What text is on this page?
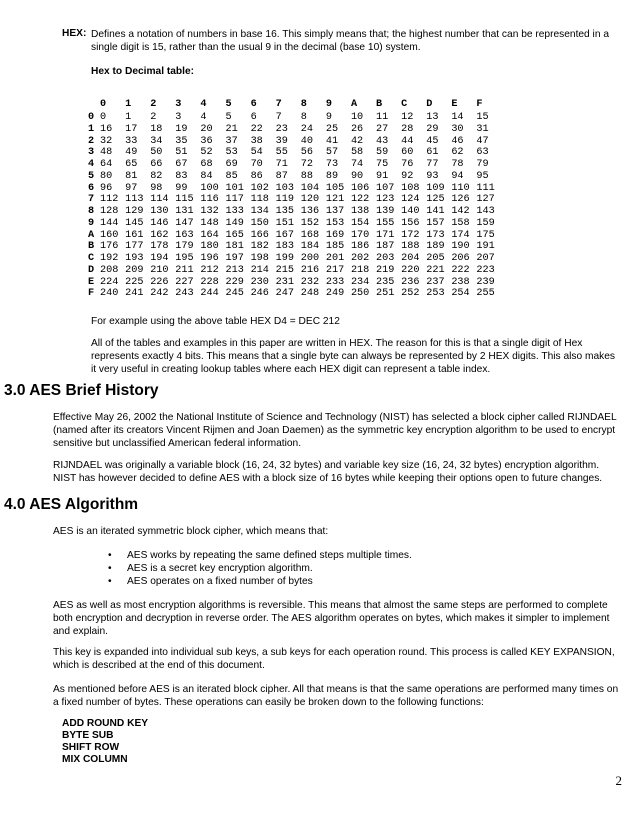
HEX: Defines a notation of numbers in base 16. This simply means that; the highest number that can be represented in a single digit is 15, rather than the usual 9 in the decimal (base 10) system.
Hex to Decimal table:
	0	1	2	3	4	5	6	7	8	9	A	B	C	D	E	F
0	0	1	2	3	4	5	6	7	8	9	10	11	12	13	14	15
1	16	17	18	19	20	21	22	23	24	25	26	27	28	29	30	31
2	32	33	34	35	36	37	38	39	40	41	42	43	44	45	46	47
3	48	49	50	51	52	53	54	55	56	57	58	59	60	61	62	63
4	64	65	66	67	68	69	70	71	72	73	74	75	76	77	78	79
5	80	81	82	83	84	85	86	87	88	89	90	91	92	93	94	95
6	96	97	98	99	100	101	102	103	104	105	106	107	108	109	110	111
7	112	113	114	115	116	117	118	119	120	121	122	123	124	125	126	127
8	128	129	130	131	132	133	134	135	136	137	138	139	140	141	142	143
9	144	145	146	147	148	149	150	151	152	153	154	155	156	157	158	159
A	160	161	162	163	164	165	166	167	168	169	170	171	172	173	174	175
B	176	177	178	179	180	181	182	183	184	185	186	187	188	189	190	191
C	192	193	194	195	196	197	198	199	200	201	202	203	204	205	206	207
D	208	209	210	211	212	213	214	215	216	217	218	219	220	221	222	223
E	224	225	226	227	228	229	230	231	232	233	234	235	236	237	238	239
F	240	241	242	243	244	245	246	247	248	249	250	251	252	253	254	255
For example using the above table HEX D4 = DEC 212
All of the tables and examples in this paper are written in HEX. The reason for this is that a single digit of Hex represents exactly 4 bits. This means that a single byte can always be represented by 2 HEX digits. This also makes it very useful in creating lookup tables where each HEX digit can represent a table index.
3.0 AES Brief History
Effective May 26, 2002 the National Institute of Science and Technology (NIST) has selected a block cipher called RIJNDAEL (named after its creators Vincent Rijmen and Joan Daemen) as the symmetric key encryption algorithm to be used to encrypt sensitive but unclassified American federal information.
RIJNDAEL was originally a variable block (16, 24, 32 bytes) and variable key size (16, 24, 32 bytes) encryption algorithm. NIST has however decided to define AES with a block size of 16 bytes while keeping their options open to future changes.
4.0 AES Algorithm
AES is an iterated symmetric block cipher, which means that:
• AES works by repeating the same defined steps multiple times.
• AES is a secret key encryption algorithm.
• AES operates on a fixed number of bytes
AES as well as most encryption algorithms is reversible. This means that almost the same steps are performed to complete both encryption and decryption in reverse order. The AES algorithm operates on bytes, which makes it simpler to implement and explain.
This key is expanded into individual sub keys, a sub keys for each operation round. This process is called KEY EXPANSION, which is described at the end of this document.
As mentioned before AES is an iterated block cipher. All that means is that the same operations are performed many times on a fixed number of bytes. These operations can easily be broken down to the following functions:
ADD ROUND KEY
BYTE SUB
SHIFT ROW
MIX COLUMN
2
